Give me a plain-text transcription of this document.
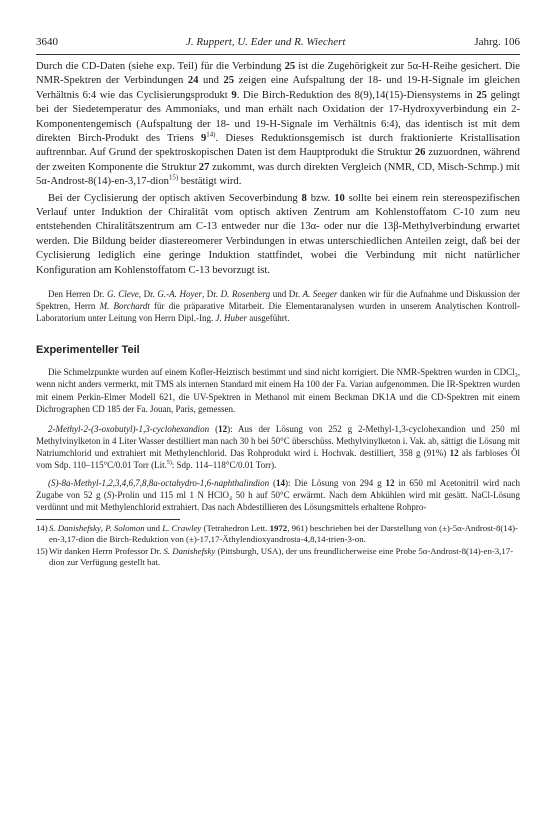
3640	J. Ruppert, U. Eder und R. Wiechert	Jahrg. 106

Durch die CD-Daten (siehe exp. Teil) für die Verbindung 25 ist die Zugehörigkeit zur 5α-H-Reihe gesichert. Die NMR-Spektren der Verbindungen 24 und 25 zeigen eine Aufspaltung der 18- und 19-H-Signale im gleichen Verhältnis 6:4 wie das Cyclisierungsprodukt 9. Die Birch-Reduktion des 8(9),14(15)-Diensystems in 25 gelingt bei der Siedetemperatur des Ammoniaks, und man erhält nach Oxidation der 17-Hydroxyverbindung ein 2-Komponentengemisch (Aufspaltung der 18- und 19-H-Signale im Verhältnis 6:4), das identisch ist mit dem direkten Birch-Produkt des Triens 9$^{14)}$. Dieses Reduktionsgemisch ist durch fraktionierte Kristallisation auftrennbar. Auf Grund der spektroskopischen Daten ist dem Hauptprodukt die Struktur 26 zuzuordnen, während der zweiten Komponente die Struktur 27 zukommt, was durch direkten Vergleich (NMR, CD, Misch-Schmp.) mit 5α-Androst-8(14)-en-3,17-dion$^{15)}$ bestätigt wird.

Bei der Cyclisierung der optisch aktiven Secoverbindung 8 bzw. 10 sollte bei einem rein stereospezifischen Verlauf unter Induktion der Chiralität vom optisch aktiven Zentrum am Kohlenstoffatom C-10 zum neu entstehenden Chiralitätszentrum am C-13 entweder nur die 13α- oder nur die 13β-Methylverbindung erwartet werden. Die Bildung beider diastereomerer Verbindungen in etwas unterschiedlichen Anteilen zeigt, daß bei der Cyclisierung lediglich eine geringe Induktion stattfindet, wobei die Verbindung mit nicht natürlicher Konfiguration am Kohlenstoffatom C-13 bevorzugt ist.

Den Herren Dr. G. Cleve, Dr. G.-A. Hoyer, Dr. D. Rosenberg und Dr. A. Seeger danken wir für die Aufnahme und Diskussion der Spektren, Herrn M. Borchardt für die präparative Mitarbeit. Die Elementaranalysen wurden in unserem Analytischen Kontroll-Laboratorium unter Leitung von Herrn Dipl.-Ing. J. Huber ausgeführt.

Experimenteller Teil

Die Schmelzpunkte wurden auf einem Kofler-Heiztisch bestimmt und sind nicht korrigiert. Die NMR-Spektren wurden in CDCl₃, wenn nicht anders vermerkt, mit TMS als internen Standard mit einem Ha 100 der Fa. Varian aufgenommen. Die IR-Spektren wurden mit einem Perkin-Elmer Modell 621, die UV-Spektren in Methanol mit einem Beckman DK1A und die CD-Spektren mit einem Dichrographen CD 185 der Fa. Jouan, Paris, gemessen.

2-Methyl-2-(3-oxobutyl)-1,3-cyclohexandion (12): Aus der Lösung von 252 g 2-Methyl-1,3-cyclohexandion und 250 ml Methylvinylketon in 4 Liter Wasser destilliert man nach 30 h bei 50°C überschüss. Methylvinylketon i. Vak. ab, sättigt die Lösung mit Natriumchlorid und extrahiert mit Methylenchlorid. Das Rohprodukt wird i. Hochvak. destilliert, 358 g (91%) 12 als farbloses Öl vom Sdp. 110–115°C/0.01 Torr (Lit.$^{5)}$: Sdp. 114–118°C/0.01 Torr).

(S)-8a-Methyl-1,2,3,4,6,7,8,8a-octahydro-1,6-naphthalindion (14): Die Lösung von 294 g 12 in 650 ml Acetonitril wird nach Zugabe von 52 g (S)-Prolin und 115 ml 1 N HClO₄ 50 h auf 50°C erwärmt. Nach dem Abkühlen wird mit gesätt. NaCl-Lösung verdünnt und mit Methylenchlorid extrahiert. Das nach Abdestillieren des Lösungsmittels erhaltene Rohpro-

14) S. Danishefsky, P. Solomon und L. Crawley (Tetrahedron Lett. 1972, 961) beschrieben bei der Darstellung von (±)-5α-Androst-8(14)-en-3,17-dion die Birch-Reduktion von (±)-17,17-Äthylendioxyandrosta-4,8,14-trien-3-on.
15) Wir danken Herrn Professor Dr. S. Danishefsky (Pittsburgh, USA), der uns freundlicherweise eine Probe 5α-Androst-8(14)-en-3,17-dion zur Verfügung gestellt hat.
